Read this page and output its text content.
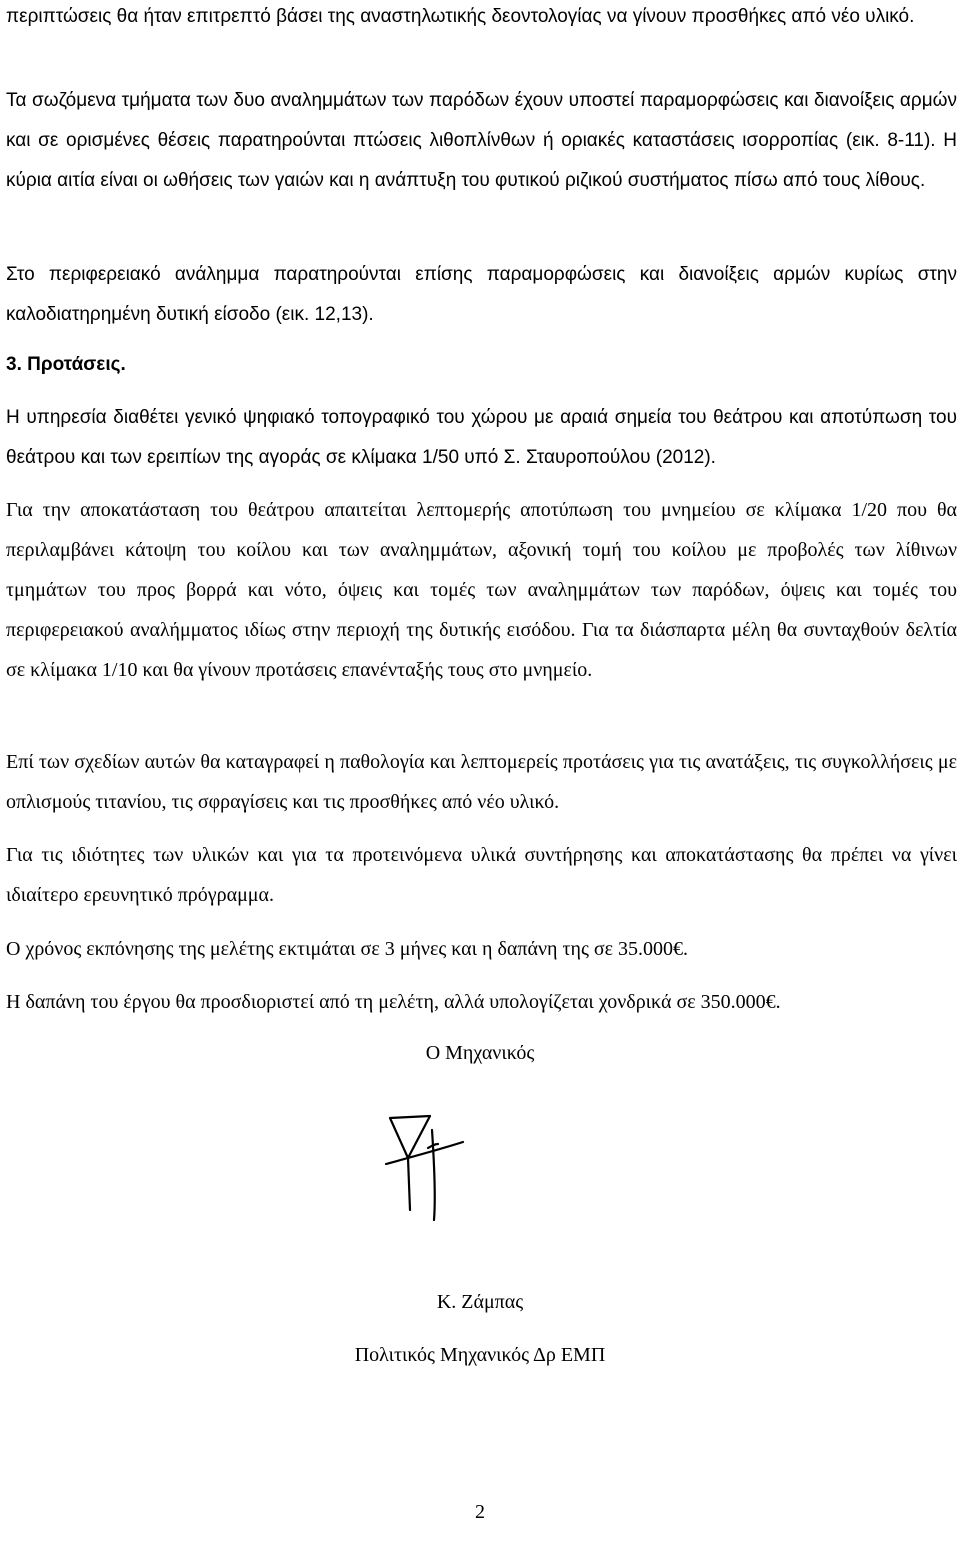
περιπτώσεις θα ήταν επιτρεπτό βάσει της αναστηλωτικής δεοντολογίας να γίνουν προσθήκες από νέο υλικό.
Τα σωζόμενα τμήματα των δυο αναλημμάτων των παρόδων έχουν υποστεί παραμορφώσεις και διανοίξεις αρμών και σε ορισμένες θέσεις παρατηρούνται πτώσεις λιθοπλίνθων ή οριακές καταστάσεις ισορροπίας (εικ. 8-11). Η κύρια αιτία είναι οι ωθήσεις των γαιών και η ανάπτυξη του φυτικού ριζικού συστήματος πίσω από τους λίθους.
Στο περιφερειακό ανάλημμα παρατηρούνται επίσης παραμορφώσεις και διανοίξεις αρμών κυρίως στην καλοδιατηρημένη δυτική είσοδο (εικ. 12,13).
3. Προτάσεις.
Η υπηρεσία διαθέτει γενικό ψηφιακό τοπογραφικό του χώρου με αραιά σημεία του θεάτρου και αποτύπωση του θεάτρου και των ερειπίων της αγοράς σε κλίμακα 1/50 υπό Σ. Σταυροπούλου (2012).
Για την αποκατάσταση του θεάτρου απαιτείται λεπτομερής αποτύπωση του μνημείου σε κλίμακα 1/20 που θα περιλαμβάνει κάτοψη του κοίλου και των αναλημμάτων, αξονική τομή του κοίλου με προβολές των λίθινων τμημάτων του προς βορρά και νότο, όψεις και τομές των αναλημμάτων των παρόδων, όψεις και τομές του περιφερειακού αναλήμματος ιδίως στην περιοχή της δυτικής εισόδου. Για τα διάσπαρτα μέλη θα συνταχθούν δελτία σε κλίμακα 1/10 και θα γίνουν προτάσεις επανένταξής τους στο μνημείο.
Επί των σχεδίων αυτών θα καταγραφεί η παθολογία και λεπτομερείς προτάσεις για τις ανατάξεις, τις συγκολλήσεις με οπλισμούς τιτανίου, τις σφραγίσεις και τις προσθήκες από νέο υλικό.
Για τις ιδιότητες των υλικών και για τα προτεινόμενα υλικά συντήρησης και αποκατάστασης θα πρέπει να γίνει ιδιαίτερο ερευνητικό πρόγραμμα.
Ο χρόνος εκπόνησης της μελέτης εκτιμάται σε 3 μήνες και η δαπάνη της σε 35.000€.
Η δαπάνη του έργου θα προσδιοριστεί από τη μελέτη, αλλά υπολογίζεται χονδρικά σε 350.000€.
Ο Μηχανικός
Κ. Ζάμπας
Πολιτικός Μηχανικός Δρ ΕΜΠ
2
